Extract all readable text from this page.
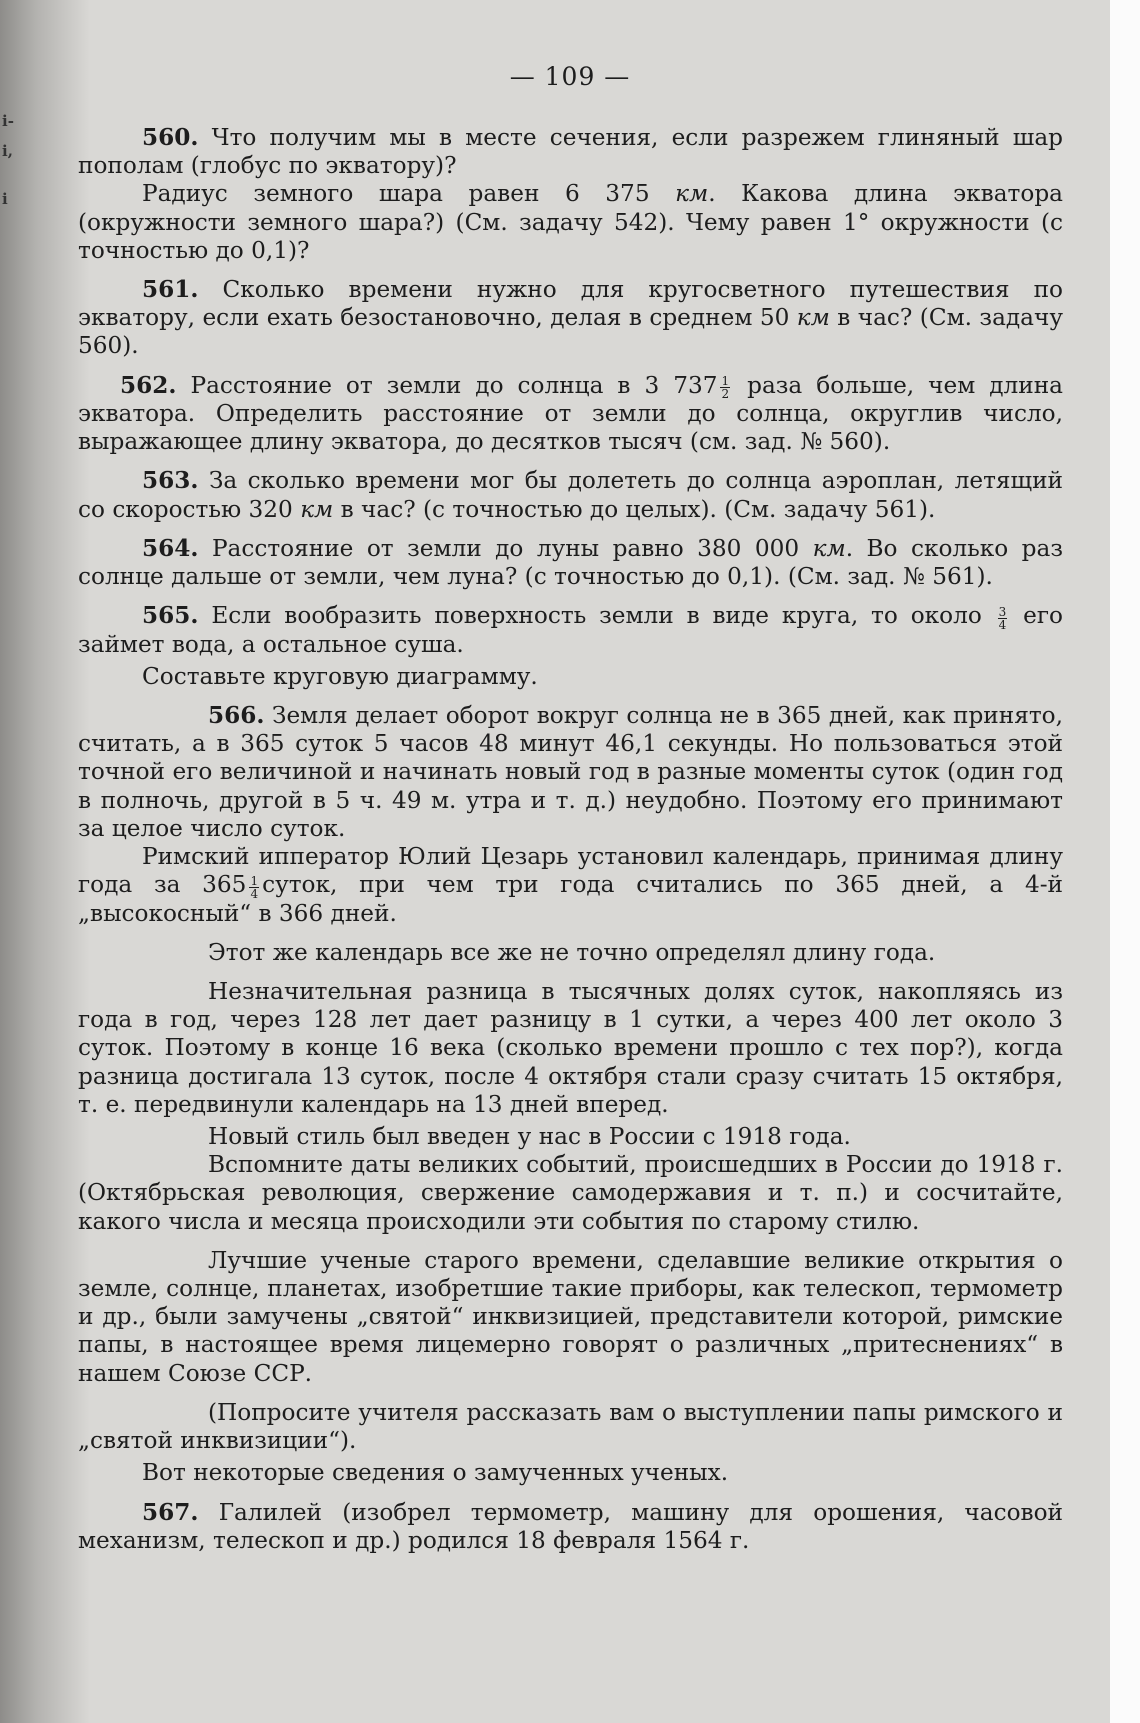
і-
і,
і
— 109 —

560. Что получим мы в месте сечения, если разрежем глиняный шар пополам (глобус по экватору)?

Радиус земного шара равен 6 375 км. Какова длина экватора (окружности земного шара?) (См. задачу 542). Чему равен 1° окружности (с точностью до 0,1)?

561. Сколько времени нужно для кругосветного путешествия по экватору, если ехать безостановочно, делая в среднем 50 км в час? (См. задачу 560).

562. Расстояние от земли до солнца в 3 $737 \frac{1}{2}$ раза больше, чем длина экватора. Определить расстояние от земли до солнца, округлив число, выражающее длину экватора, до десятков тысяч (см. зад. № 560).

563. За сколько времени мог бы долететь до солнца аэроплан, летящий со скоростью 320 км в час? (с точностью до целых). (См. задачу 561).

564. Расстояние от земли до луны равно 380 000 км. Во сколько раз солнце дальше от земли, чем луна? (с точностью до 0,1). (См. зад. № 561).

565. Если вообразить поверхность земли в виде круга, то около $\frac{3}{4}$ его займет вода, а остальное суша.

Составьте круговую диаграмму.

566. Земля делает оборот вокруг солнца не в 365 дней, как принято, считать, а в 365 суток 5 часов 48 минут 46,1 секунды. Но пользоваться этой точной его величиной и начинать новый год в разные моменты суток (один год в полночь, другой в 5 ч. 49 м. утра и т. д.) неудобно. Поэтому его принимают за целое число суток.

Римский ипператор Юлий Цезарь установил календарь, принимая длину года за $365 \frac{1}{4}$ суток, при чем три года считались по 365 дней, а 4-й „высокосный“ в 366 дней.

Этот же календарь все же не точно определял длину года.

Незначительная разница в тысячных долях суток, накопляясь из года в год, через 128 лет дает разницу в 1 сутки, а через 400 лет около 3 суток. Поэтому в конце 16 века (сколько времени прошло с тех пор?), когда разница достигала 13 суток, после 4 октября стали сразу считать 15 октября, т. е. передвинули календарь на 13 дней вперед.

Новый стиль был введен у нас в России с 1918 года.

Вспомните даты великих событий, происшедших в России до 1918 г. (Октябрьская революция, свержение самодержавия и т. п.) и сосчитайте, какого числа и месяца происходили эти события по старому стилю.

Лучшие ученые старого времени, сделавшие великие открытия о земле, солнце, планетах, изобретшие такие приборы, как телескоп, термометр и др., были замучены „святой“ инквизицией, представители которой, римские папы, в настоящее время лицемерно говорят о различных „притеснениях“ в нашем Союзе ССР.

(Попросите учителя рассказать вам о выступлении папы римского и „святой инквизиции“).

Вот некоторые сведения о замученных ученых.

567. Галилей (изобрел термометр, машину для орошения, часовой механизм, телескоп и др.) родился 18 февраля 1564 г.
